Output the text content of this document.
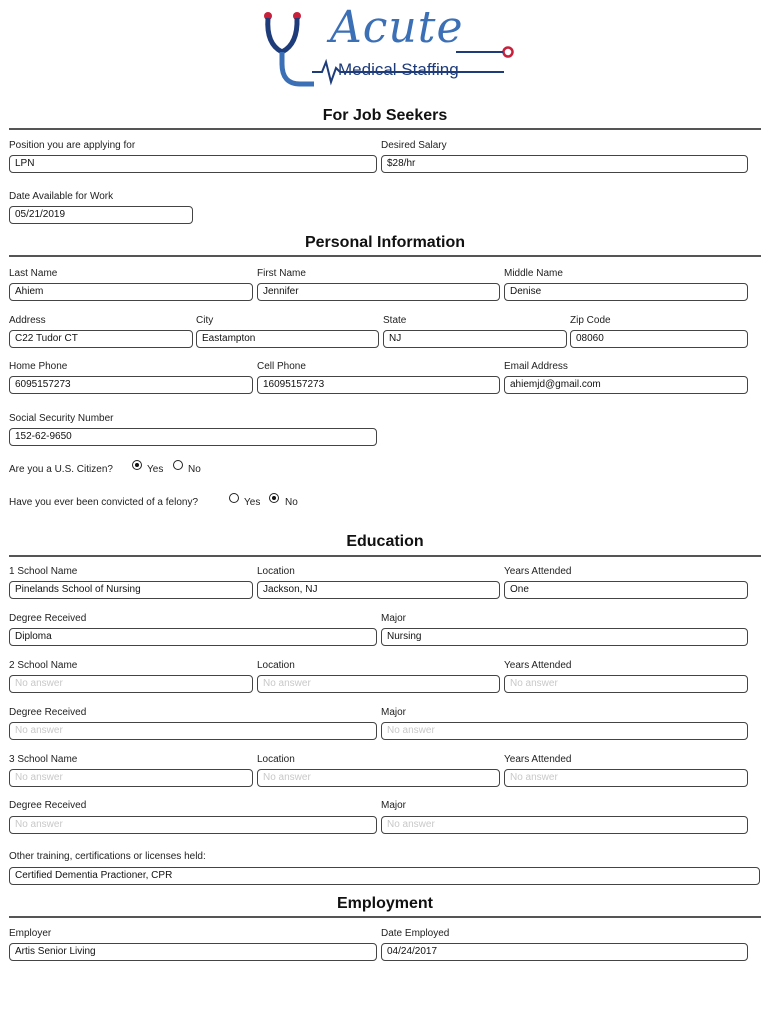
Acute
Medical Staffing
For Job Seekers
Position you are applying for
LPN
Desired Salary
$28/hr
Date Available for Work
05/21/2019
Personal Information
Last Name
Ahiem
First Name
Jennifer
Middle Name
Denise
Address
C22 Tudor CT
City
Eastampton
State
NJ
Zip Code
08060
Home Phone
6095157273
Cell Phone
16095157273
Email Address
ahiemjd@gmail.com
Social Security Number
152-62-9650
Are you a U.S. Citizen?	Yes No
Have you ever been convicted of a felony?	Yes No
Education
1 School Name
Pinelands School of Nursing
Location
Jackson, NJ
Years Attended
One
Degree Received
Diploma
Major
Nursing
2 School Name
No answer
Location
No answer
Years Attended
No answer
Degree Received
No answer
Major
No answer
3 School Name
No answer
Location
No answer
Years Attended
No answer
Degree Received
No answer
Major
No answer
Other training, certifications or licenses held:
Certified Dementia Practioner, CPR
Employment
Employer
Artis Senior Living
Date Employed
04/24/2017
